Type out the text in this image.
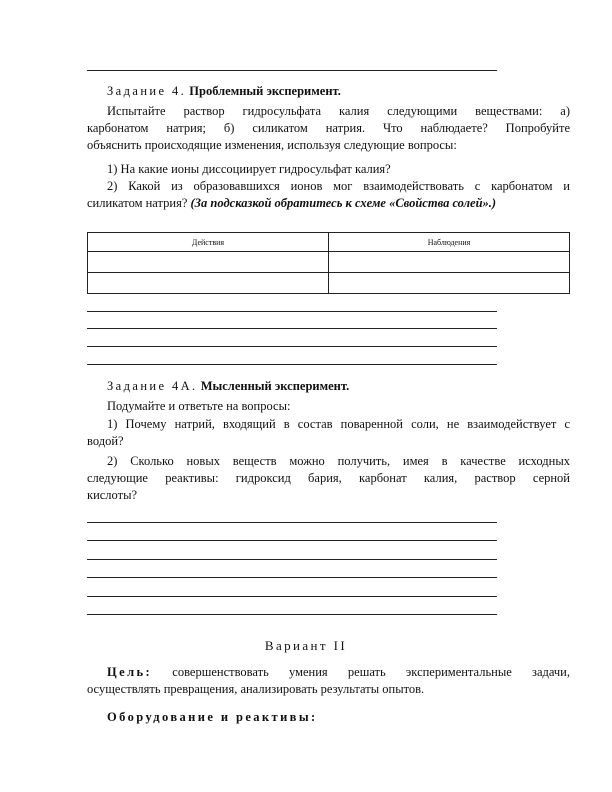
Задание 4. Проблемный эксперимент.
Испытайте раствор гидросульфата калия следующими веществами: а)
карбонатом натрия; б) силикатом натрия. Что наблюдаете? Попробуйте
объяснить происходящие изменения, используя следующие вопросы:
1) На какие ионы диссоциирует гидросульфат калия?
2) Какой из образовавшихся ионов мог взаимодействовать с карбонатом и
силикатом натрия? (За подсказкой обратитесь к схеме «Свойства солей».)
Действия	Наблюдения

Задание 4А. Мысленный эксперимент.
Подумайте и ответьте на вопросы:
1) Почему натрий, входящий в состав поваренной соли, не взаимодействует с
водой?
2) Сколько новых веществ можно получить, имея в качестве исходных
следующие реактивы: гидроксид бария, карбонат калия, раствор серной
кислоты?
Вариант II
Цель: совершенствовать умения решать экспериментальные задачи,
осуществлять превращения, анализировать результаты опытов.
Оборудование и реактивы:
